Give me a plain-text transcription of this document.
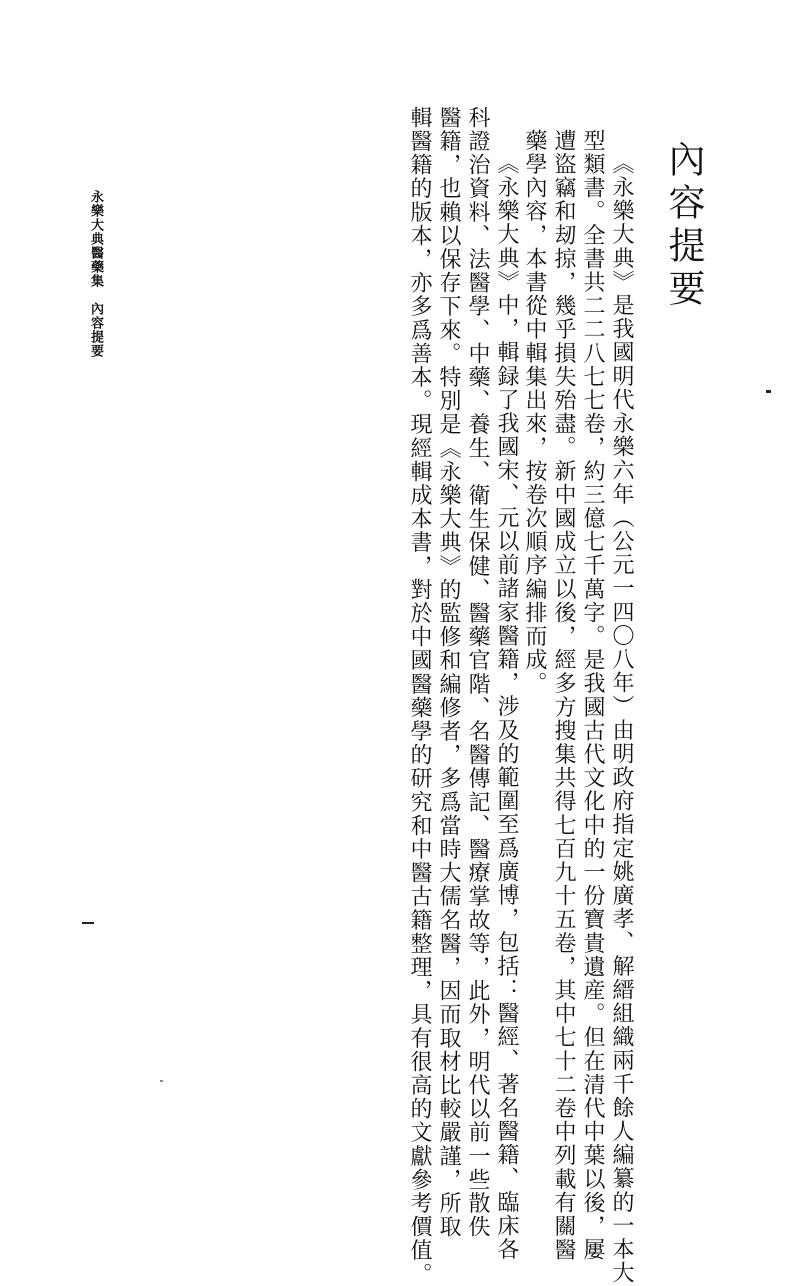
內容提要
《永樂大典》是我國明代永樂六年（公元一四〇八年）由明政府指定姚廣孝、解縉組織兩千餘人編纂的一本大
型類書。全書共二二八七七卷，約三億七千萬字。是我國古代文化中的一份寶貴遺産。但在清代中葉以後，屢
遭盜竊和刼掠，幾乎損失殆盡。新中國成立以後，經多方搜集共得七百九十五卷，其中七十二卷中列載有關醫
藥學內容，本書從中輯集出來，按卷次順序編排而成。
《永樂大典》中，輯録了我國宋、元以前諸家醫籍，涉及的範圍至爲廣博，包括：醫經、著名醫籍、臨床各
科證治資料、法醫學、中藥、養生、衛生保健、醫藥官階、名醫傳記、醫療掌故等，此外，明代以前一些散佚
醫籍，也賴以保存下來。特別是《永樂大典》的監修和編修者，多爲當時大儒名醫，因而取材比較嚴謹，所取
輯醫籍的版本，亦多爲善本。現經輯成本書，對於中國醫藥學的研究和中醫古籍整理，具有很高的文獻參考價值。
永樂大典醫藥集　內容提要
